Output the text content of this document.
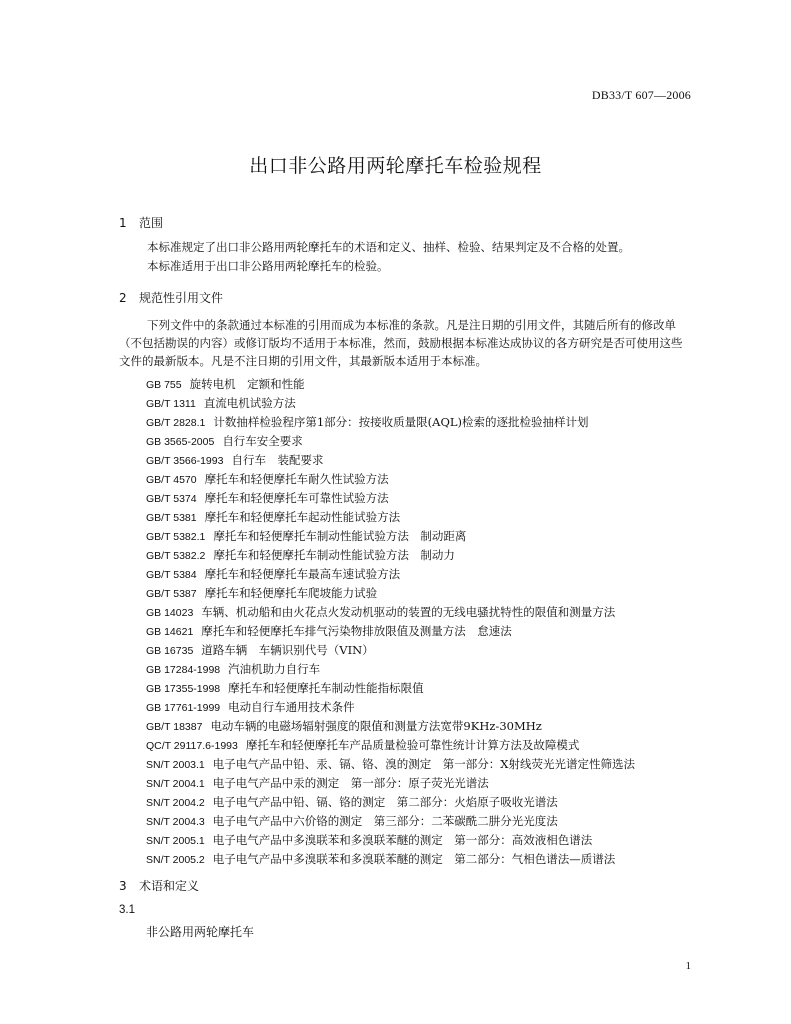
DB33/T 607—2006
出口非公路用两轮摩托车检验规程
1 范围
本标准规定了出口非公路用两轮摩托车的术语和定义、抽样、检验、结果判定及不合格的处置。
本标准适用于出口非公路用两轮摩托车的检验。
2 规范性引用文件
下列文件中的条款通过本标准的引用而成为本标准的条款。凡是注日期的引用文件，其随后所有的修改单（不包括勘误的内容）或修订版均不适用于本标准，然而，鼓励根据本标准达成协议的各方研究是否可使用这些文件的最新版本。凡是不注日期的引用文件，其最新版本适用于本标准。
GB 755 旋转电机　定额和性能
GB/T 1311 直流电机试验方法
GB/T 2828.1 计数抽样检验程序第1部分：按接收质量限(AQL)检索的逐批检验抽样计划
GB 3565-2005 自行车安全要求
GB/T 3566-1993 自行车　装配要求
GB/T 4570 摩托车和轻便摩托车耐久性试验方法
GB/T 5374 摩托车和轻便摩托车可靠性试验方法
GB/T 5381 摩托车和轻便摩托车起动性能试验方法
GB/T 5382.1 摩托车和轻便摩托车制动性能试验方法　制动距离
GB/T 5382.2 摩托车和轻便摩托车制动性能试验方法　制动力
GB/T 5384 摩托车和轻便摩托车最高车速试验方法
GB/T 5387 摩托车和轻便摩托车爬坡能力试验
GB 14023 车辆、机动船和由火花点火发动机驱动的装置的无线电骚扰特性的限值和测量方法
GB 14621 摩托车和轻便摩托车排气污染物排放限值及测量方法　怠速法
GB 16735 道路车辆　车辆识别代号（VIN）
GB 17284-1998 汽油机助力自行车
GB 17355-1998 摩托车和轻便摩托车制动性能指标限值
GB 17761-1999 电动自行车通用技术条件
GB/T 18387 电动车辆的电磁场辐射强度的限值和测量方法宽带9KHz-30MHz
QC/T 29117.6-1993 摩托车和轻便摩托车产品质量检验可靠性统计计算方法及故障模式
SN/T 2003.1 电子电气产品中铅、汞、镉、铬、溴的测定　第一部分：X射线荧光光谱定性筛选法
SN/T 2004.1 电子电气产品中汞的测定　第一部分：原子荧光光谱法
SN/T 2004.2 电子电气产品中铅、镉、铬的测定　第二部分：火焰原子吸收光谱法
SN/T 2004.3 电子电气产品中六价铬的测定　第三部分：二苯碳酰二肼分光光度法
SN/T 2005.1 电子电气产品中多溴联苯和多溴联苯醚的测定　第一部分：高效液相色谱法
SN/T 2005.2 电子电气产品中多溴联苯和多溴联苯醚的测定　第二部分：气相色谱法—质谱法
3 术语和定义
3.1
非公路用两轮摩托车
1
